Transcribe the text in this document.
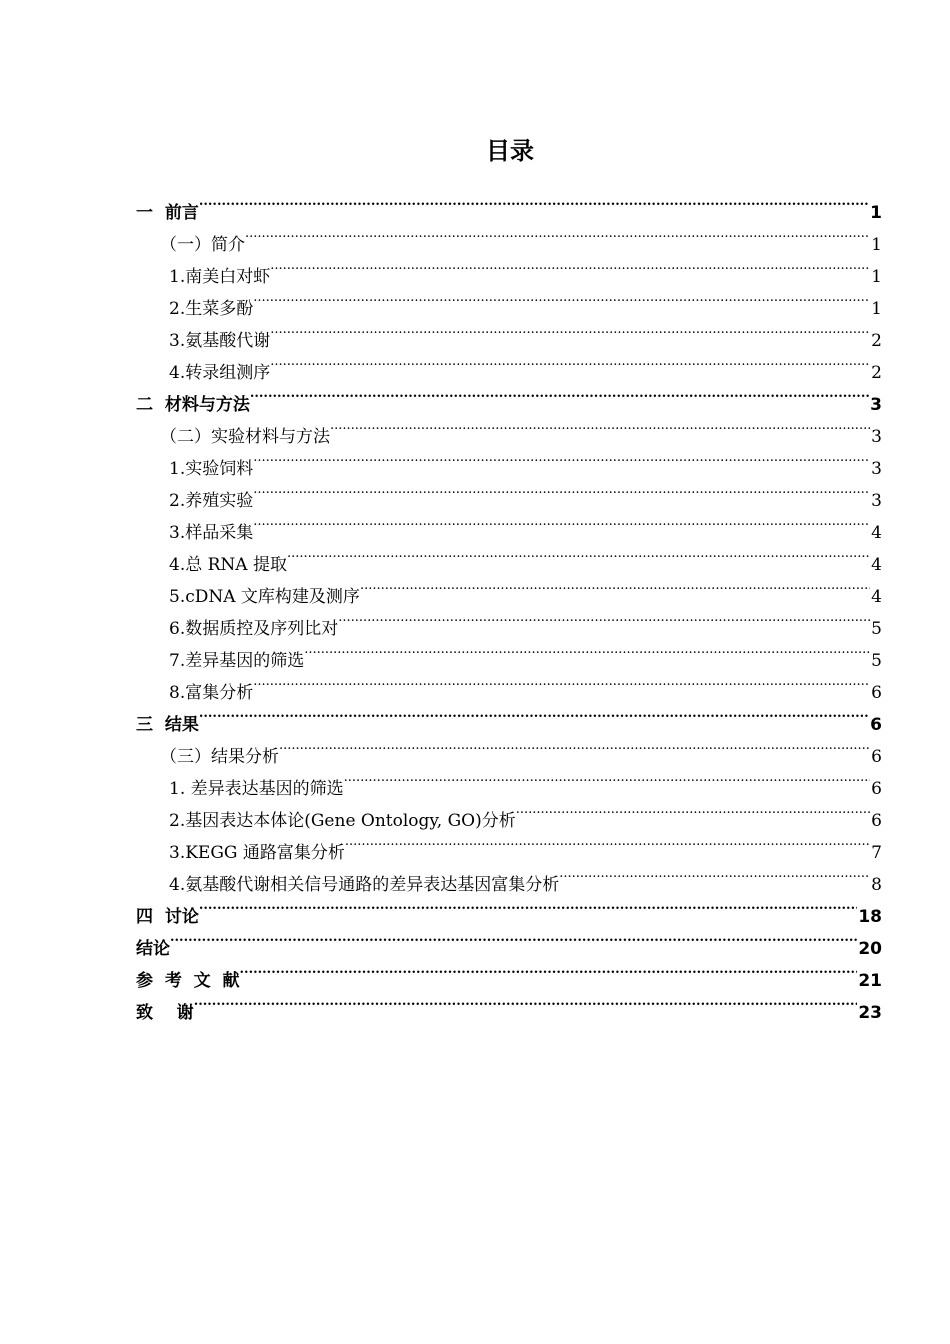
目录
一  前言 .....	1
（一）简介 .....	1
1.南美白对虾 .....	1
2.生菜多酚 .....	1
3.氨基酸代谢 .....	2
4.转录组测序 .....	2
二  材料与方法 .....	3
（二）实验材料与方法 .....	3
1.实验饲料 .....	3
2.养殖实验 .....	3
3.样品采集 .....	4
4.总 RNA 提取 .....	4
5.cDNA 文库构建及测序 .....	4
6.数据质控及序列比对 .....	5
7.差异基因的筛选 .....	5
8.富集分析 .....	6
三  结果 .....	6
（三）结果分析 .....	6
1. 差异表达基因的筛选 .....	6
2.基因表达本体论(Gene Ontology, GO)分析 .....	6
3.KEGG 通路富集分析 .....	7
4.氨基酸代谢相关信号通路的差异表达基因富集分析 .....	8
四  讨论 .....	18
结论 .....	20
参  考  文  献 .....	21
致    谢 .....	23
